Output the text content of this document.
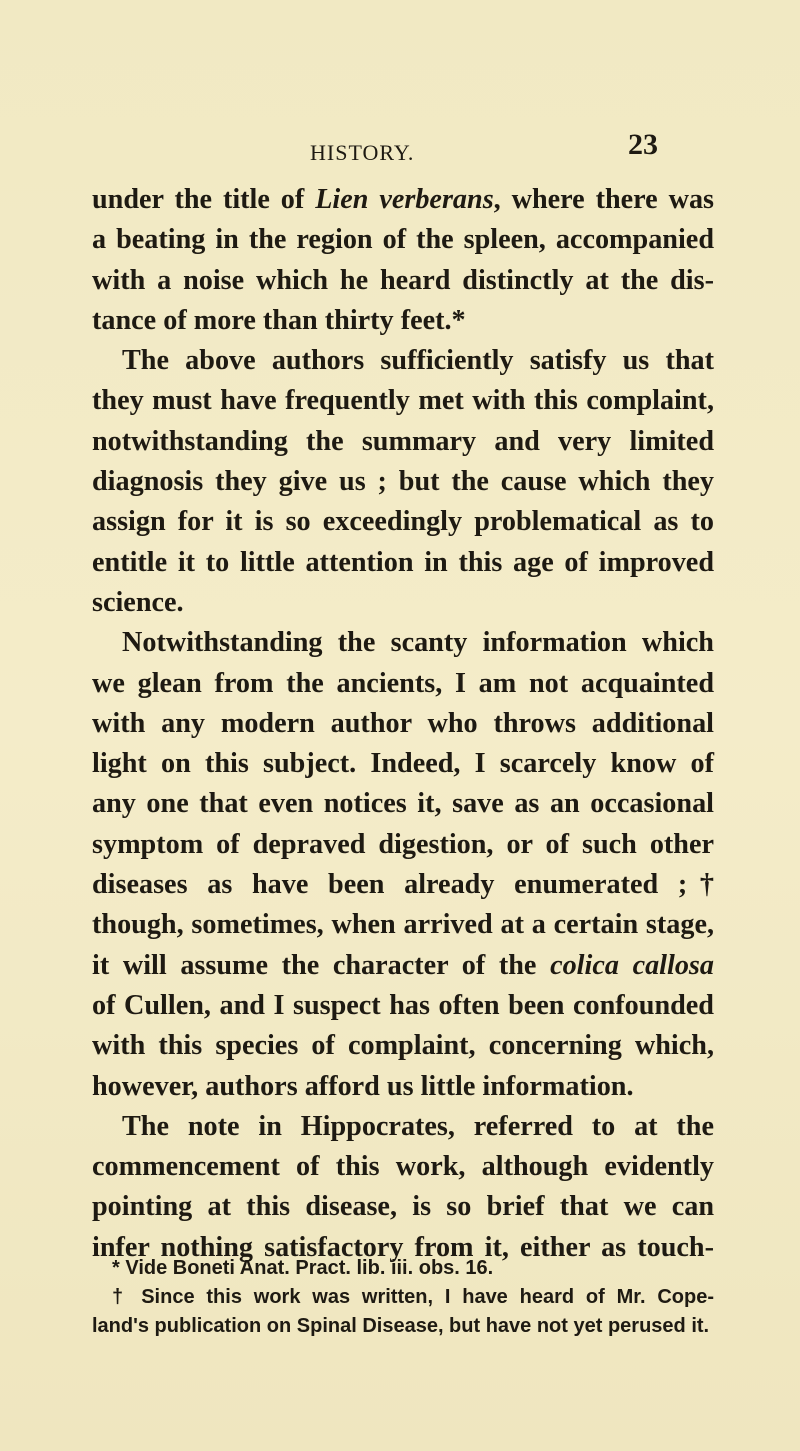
HISTORY.	23
under the title of Lien verberans, where there was
a beating in the region of the spleen, accompanied
with a noise which he heard distinctly at the dis-
tance of more than thirty feet.*
The above authors sufficiently satisfy us that
they must have frequently met with this complaint,
notwithstanding the summary and very limited
diagnosis they give us ; but the cause which they
assign for it is so exceedingly problematical as to
entitle it to little attention in this age of improved
science.
Notwithstanding the scanty information which
we glean from the ancients, I am not acquainted
with any modern author who throws additional
light on this subject. Indeed, I scarcely know of
any one that even notices it, save as an occasional
symptom of depraved digestion, or of such other
diseases as have been already enumerated ;†
though, sometimes, when arrived at a certain stage,
it will assume the character of the colica callosa
of Cullen, and I suspect has often been confounded
with this species of complaint, concerning which,
however, authors afford us little information.
The note in Hippocrates, referred to at the
commencement of this work, although evidently
pointing at this disease, is so brief that we can
infer nothing satisfactory from it, either as touch-
* Vide Boneti Anat. Pract. lib. iii. obs. 16.
† Since this work was written, I have heard of Mr. Cope-
land's publication on Spinal Disease, but have not yet perused it.
